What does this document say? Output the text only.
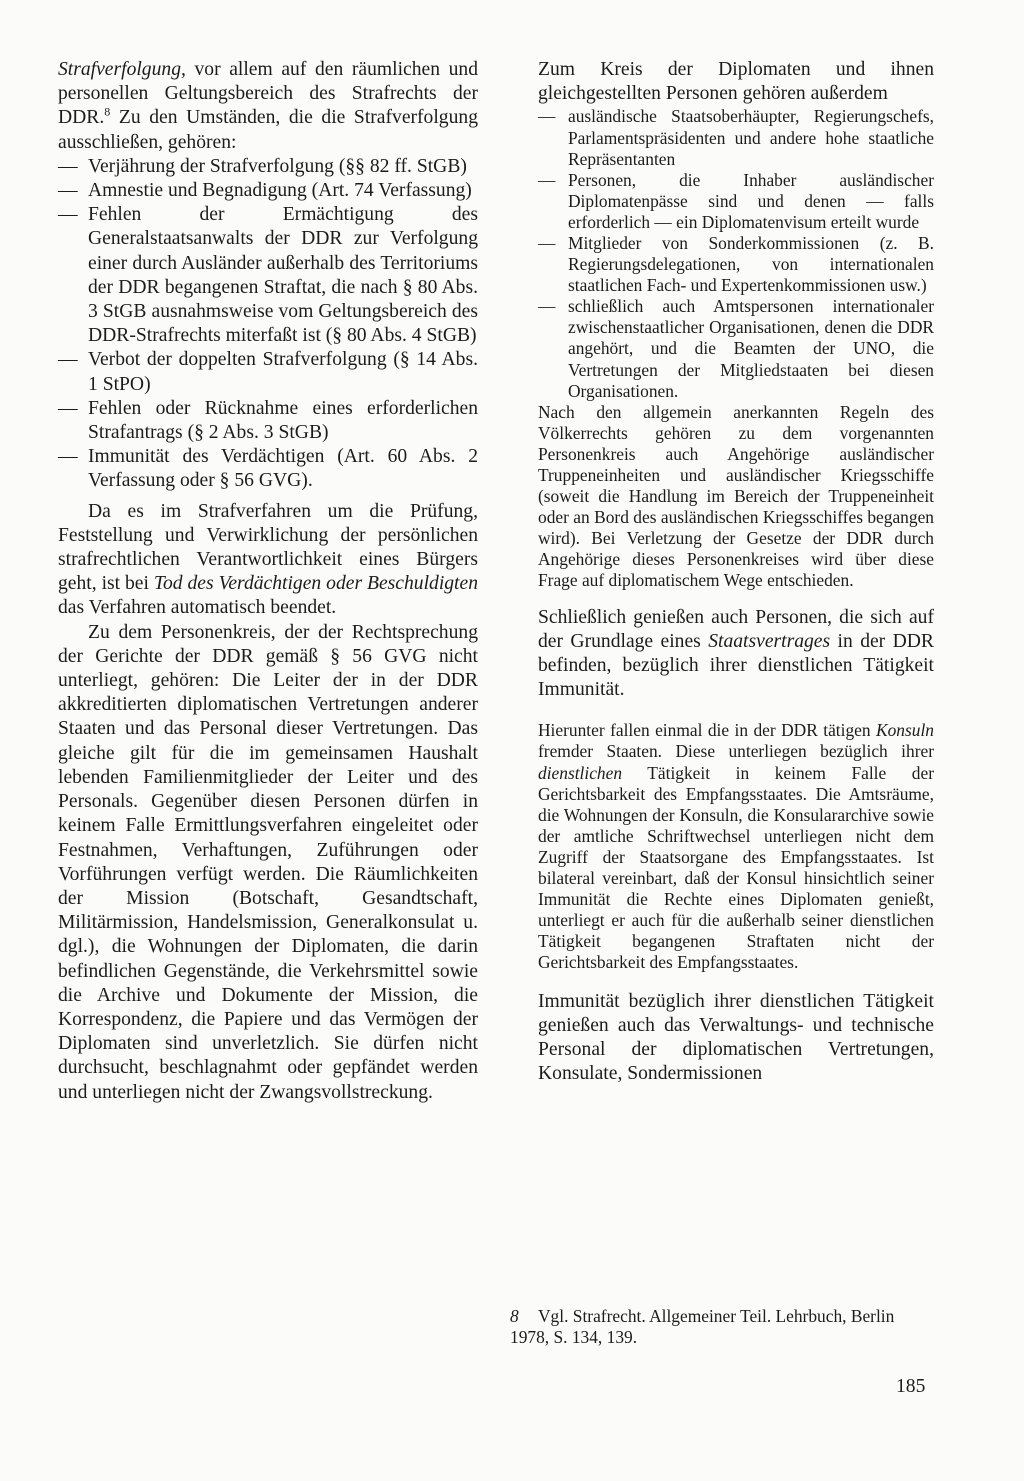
Strafverfolgung, vor allem auf den räumlichen und personellen Geltungsbereich des Strafrechts der DDR.$^8$ Zu den Umständen, die die Strafverfolgung ausschließen, gehören:

— Verjährung der Strafverfolgung (§§ 82 ff. StGB)
— Amnestie und Begnadigung (Art. 74 Verfassung)
— Fehlen der Ermächtigung des Generalstaatsanwalts der DDR zur Verfolgung einer durch Ausländer außerhalb des Territoriums der DDR begangenen Straftat, die nach § 80 Abs. 3 StGB ausnahmsweise vom Geltungsbereich des DDR-Strafrechts miterfaßt ist (§ 80 Abs. 4 StGB)
— Verbot der doppelten Strafverfolgung (§ 14 Abs. 1 StPO)
— Fehlen oder Rücknahme eines erforderlichen Strafantrags (§ 2 Abs. 3 StGB)
— Immunität des Verdächtigen (Art. 60 Abs. 2 Verfassung oder § 56 GVG).

Da es im Strafverfahren um die Prüfung, Feststellung und Verwirklichung der persönlichen strafrechtlichen Verantwortlichkeit eines Bürgers geht, ist bei Tod des Verdächtigen oder Beschuldigten das Verfahren automatisch beendet.

Zu dem Personenkreis, der der Rechtsprechung der Gerichte der DDR gemäß § 56 GVG nicht unterliegt, gehören: Die Leiter der in der DDR akkreditierten diplomatischen Vertretungen anderer Staaten und das Personal dieser Vertretungen. Das gleiche gilt für die im gemeinsamen Haushalt lebenden Familienmitglieder der Leiter und des Personals. Gegenüber diesen Personen dürfen in keinem Falle Ermittlungsverfahren eingeleitet oder Festnahmen, Verhaftungen, Zuführungen oder Vorführungen verfügt werden. Die Räumlichkeiten der Mission (Botschaft, Gesandtschaft, Militärmission, Handelsmission, Generalkonsulat u. dgl.), die Wohnungen der Diplomaten, die darin befindlichen Gegenstände, die Verkehrsmittel sowie die Archive und Dokumente der Mission, die Korrespondenz, die Papiere und das Vermögen der Diplomaten sind unverletzlich. Sie dürfen nicht durchsucht, beschlagnahmt oder gepfändet werden und unterliegen nicht der Zwangsvollstreckung.

Zum Kreis der Diplomaten und ihnen gleichgestellten Personen gehören außerdem

— ausländische Staatsoberhäupter, Regierungschefs, Parlamentspräsidenten und andere hohe staatliche Repräsentanten
— Personen, die Inhaber ausländischer Diplomatenpässe sind und denen — falls erforderlich — ein Diplomatenvisum erteilt wurde
— Mitglieder von Sonderkommissionen (z. B. Regierungsdelegationen, von internationalen staatlichen Fach- und Expertenkommissionen usw.)
— schließlich auch Amtspersonen internationaler zwischenstaatlicher Organisationen, denen die DDR angehört, und die Beamten der UNO, die Vertretungen der Mitgliedstaaten bei diesen Organisationen.

Nach den allgemein anerkannten Regeln des Völkerrechts gehören zu dem vorgenannten Personenkreis auch Angehörige ausländischer Truppeneinheiten und ausländischer Kriegsschiffe (soweit die Handlung im Bereich der Truppeneinheit oder an Bord des ausländischen Kriegsschiffes begangen wird). Bei Verletzung der Gesetze der DDR durch Angehörige dieses Personenkreises wird über diese Frage auf diplomatischem Wege entschieden.

Schließlich genießen auch Personen, die sich auf der Grundlage eines Staatsvertrages in der DDR befinden, bezüglich ihrer dienstlichen Tätigkeit Immunität.

Hierunter fallen einmal die in der DDR tätigen Konsuln fremder Staaten. Diese unterliegen bezüglich ihrer dienstlichen Tätigkeit in keinem Falle der Gerichtsbarkeit des Empfangsstaates. Die Amtsräume, die Wohnungen der Konsuln, die Konsulararchive sowie der amtliche Schriftwechsel unterliegen nicht dem Zugriff der Staatsorgane des Empfangsstaates. Ist bilateral vereinbart, daß der Konsul hinsichtlich seiner Immunität die Rechte eines Diplomaten genießt, unterliegt er auch für die außerhalb seiner dienstlichen Tätigkeit begangenen Straftaten nicht der Gerichtsbarkeit des Empfangsstaates.

Immunität bezüglich ihrer dienstlichen Tätigkeit genießen auch das Verwaltungs- und technische Personal der diplomatischen Vertretungen, Konsulate, Sondermissionen

8 Vgl. Strafrecht. Allgemeiner Teil. Lehrbuch, Berlin 1978, S. 134, 139.
185
